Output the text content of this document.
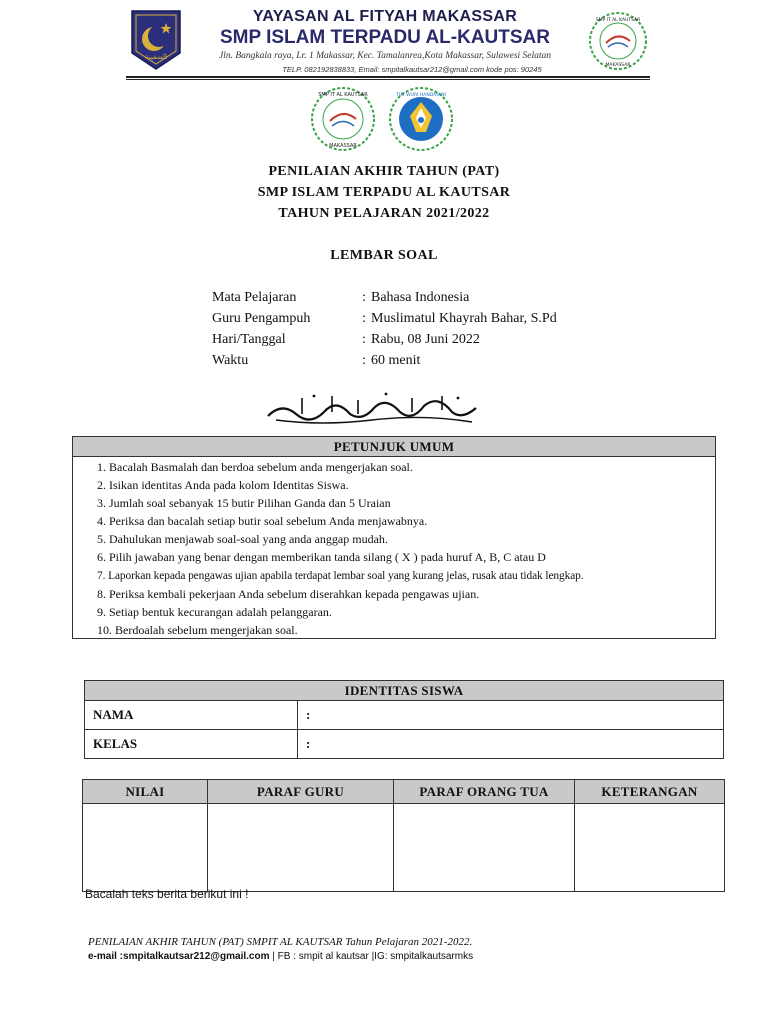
السفينة
YAYASAN AL FITYAH MAKASSAR
SMP ISLAM TERPADU AL-KAUTSAR
Jln. Bangkala raya, Lr. 1 Makassar, Kec. Tamalanrea,Kota Makassar, Sulawesi Selatan
TELP. 082192838833, Email: smpitalkautsar212@gmail.com kode pos: 90245
SMP IT AL KAUTSAR
MAKASSAR
SMP IT AL KAUTSAR
MAKASSAR
TUT WURI HANDAYANI
PENILAIAN AKHIR TAHUN (PAT)
SMP ISLAM TERPADU AL KAUTSAR
TAHUN PELAJARAN 2021/2022
LEMBAR SOAL
Mata Pelajaran	: Bahasa Indonesia
Guru Pengampuh	: Muslimatul Khayrah Bahar, S.Pd
Hari/Tanggal	: Rabu, 08 Juni 2022
Waktu	: 60 menit
بسم الله الرحمن الرحيم
PETUNJUK UMUM
1. Bacalah Basmalah dan berdoa sebelum anda mengerjakan soal.
2. Isikan identitas Anda pada kolom Identitas Siswa.
3. Jumlah soal sebanyak 15 butir Pilihan Ganda dan 5 Uraian
4. Periksa dan bacalah setiap butir soal sebelum Anda menjawabnya.
5. Dahulukan menjawab soal-soal yang anda anggap mudah.
6. Pilih jawaban yang benar dengan memberikan tanda silang ( X ) pada huruf A, B, C atau D
7. Laporkan kepada pengawas ujian apabila terdapat lembar soal yang kurang jelas, rusak atau tidak lengkap.
8. Periksa kembali pekerjaan Anda sebelum diserahkan kepada pengawas ujian.
9. Setiap bentuk kecurangan adalah pelanggaran.
10. Berdoalah sebelum mengerjakan soal.
IDENTITAS SISWA	
NAMA	:
KELAS	:
NILAI	PARAF GURU	PARAF ORANG TUA	KETERANGAN

Bacalah teks berita berikut ini !
PENILAIAN AKHIR TAHUN (PAT) SMPIT AL KAUTSAR Tahun Pelajaran 2021-2022.
e-mail :smpitalkautsar212@gmail.com | FB : smpit al kautsar |IG: smpitalkautsarmks
